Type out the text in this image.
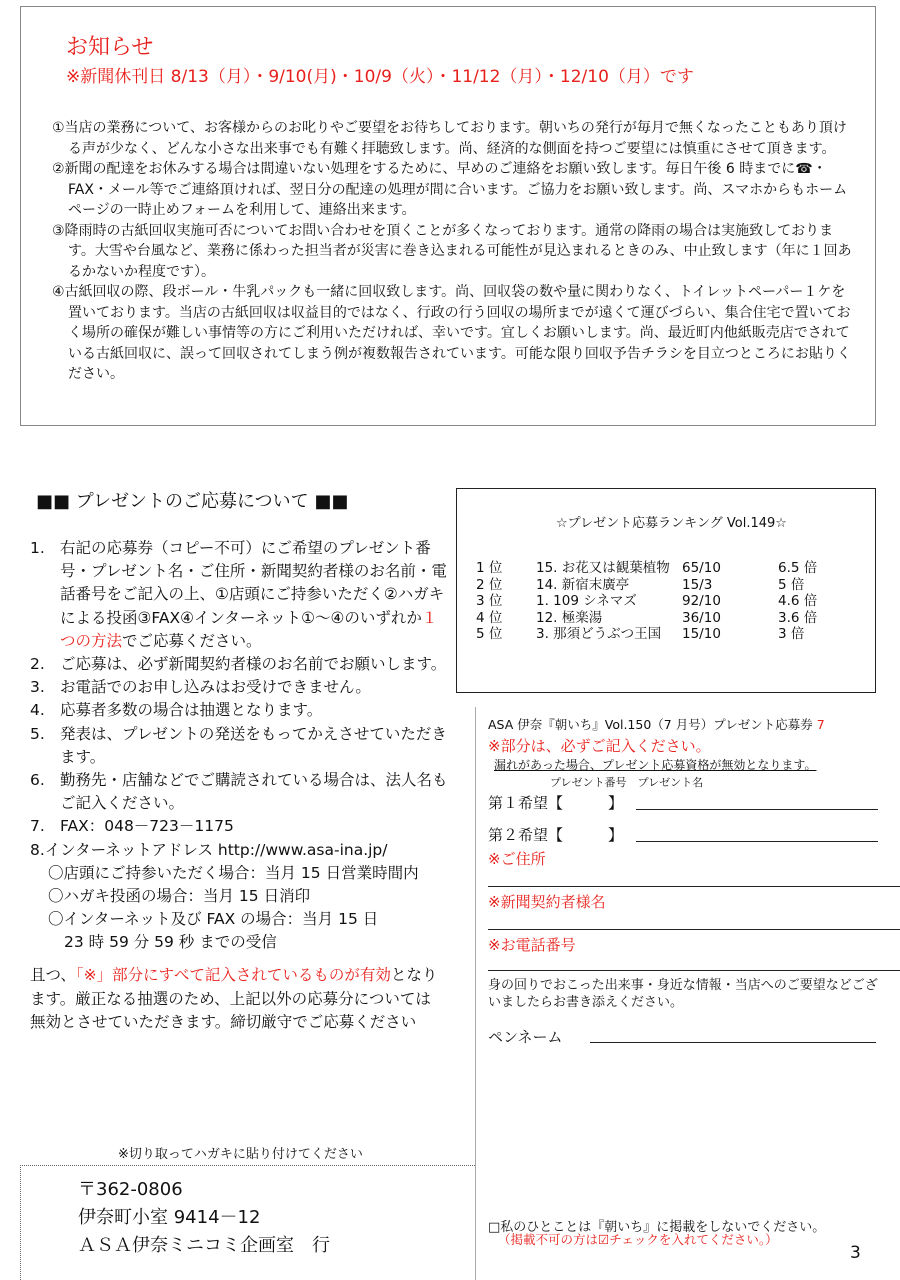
お知らせ
※新聞休刊日 8/13（月）・9/10(月)・10/9（火）・11/12（月）・12/10（月）です

①当店の業務について、お客様からのお叱りやご要望をお待ちしております。朝いちの発行が毎月で無くなったこともあり頂ける声が少なく、どんな小さな出来事でも有難く拝聴致します。尚、経済的な側面を持つご要望には慎重にさせて頂きます。

②新聞の配達をお休みする場合は間違いない処理をするために、早めのご連絡をお願い致します。毎日午後 6 時までに☎・FAX・メール等でご連絡頂ければ、翌日分の配達の処理が間に合います。ご協力をお願い致します。尚、スマホからもホームページの一時止めフォームを利用して、連絡出来ます。

③降雨時の古紙回収実施可否についてお問い合わせを頂くことが多くなっております。通常の降雨の場合は実施致しております。大雪や台風など、業務に係わった担当者が災害に巻き込まれる可能性が見込まれるときのみ、中止致します（年に１回あるかないか程度です）。

④古紙回収の際、段ボール・牛乳パックも一緒に回収致します。尚、回収袋の数や量に関わりなく、トイレットペーパー１ケを置いております。当店の古紙回収は収益目的ではなく、行政の行う回収の場所までが遠くて運びづらい、集合住宅で置いておく場所の確保が難しい事情等の方にご利用いただければ、幸いです。宜しくお願いします。尚、最近町内他紙販売店でされている古紙回収に、誤って回収されてしまう例が複数報告されています。可能な限り回収予告チラシを目立つところにお貼りください。

■■ プレゼントのご応募について ■■
1. 右記の応募券（コピー不可）にご希望のプレゼント番号・プレゼント名・ご住所・新聞契約者様のお名前・電話番号をご記入の上、①店頭にご持参いただく②ハガキによる投函③FAX④インターネット①～④のいずれか１つの方法でご応募ください。
2. ご応募は、必ず新聞契約者様のお名前でお願いします。
3. お電話でのお申し込みはお受けできません。
4. 応募者多数の場合は抽選となります。
5. 発表は、プレゼントの発送をもってかえさせていただきます。
6. 勤務先・店舗などでご購読されている場合は、法人名もご記入ください。
7. FAX：048－723－1175
8.インターネットアドレス http://www.asa-ina.jp/
〇店頭にご持参いただく場合：当月 15 日営業時間内
〇ハガキ投函の場合：当月 15 日消印
〇インターネット及び FAX の場合：当月 15 日
23 時 59 分 59 秒 までの受信
且つ、「※」部分にすべて記入されているものが有効となります。厳正なる抽選のため、上記以外の応募分については 無効とさせていただきます。締切厳守でご応募ください
☆プレゼント応募ランキング Vol.149☆
1 位	15. お花又は観葉植物	65/10	6.5 倍
2 位	14. 新宿末廣亭	15/3	5 倍
3 位	1. 109 シネマズ	92/10	4.6 倍
4 位	12. 極楽湯	36/10	3.6 倍
5 位	3. 那須どうぶつ王国	15/10	3 倍
ASA 伊奈『朝いち』Vol.150（7 月号）プレゼント応募券 7
※部分は、必ずご記入ください。
漏れがあった場合、プレゼント応募資格が無効となります。
プレゼント番号　 プレゼント名
第１希望【　　　】
第２希望【　　　】
※ご住所
※新聞契約者様名
※お電話番号
身の回りでおこった出来事・身近な情報・当店へのご要望などございましたらお書き添えください。
ペンネーム
□私のひとことは『朝いち』に掲載をしないでください。
（掲載不可の方は☑チェックを入れてください。）
※切り取ってハガキに貼り付けてください
〒362-0806
伊奈町小室 9414－12
ＡＳＡ伊奈ミニコミ企画室　行	3
